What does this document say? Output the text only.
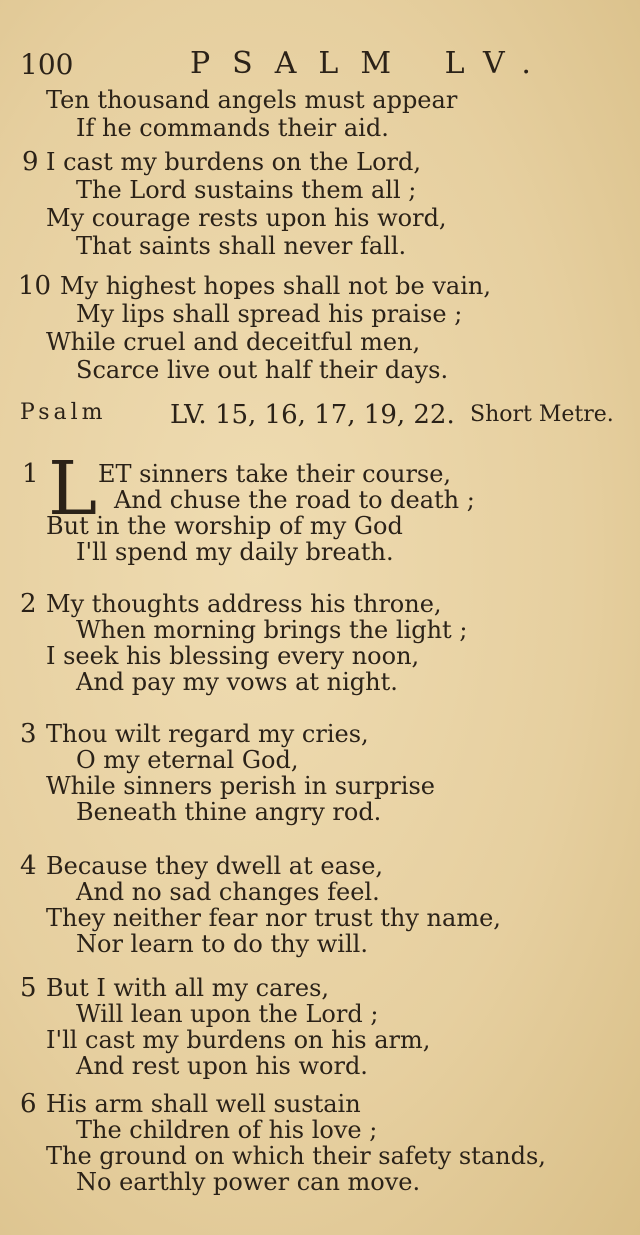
100	PSALM LV.
Ten thousand angels must appear
If he commands their aid.
9 I cast my burdens on the Lord,
The Lord sustains them all ;
My courage rests upon his word,
That saints shall never fall.
10 My highest hopes shall not be vain,
My lips shall spread his praise ;
While cruel and deceitful men,
Scarce live out half their days.
Psalm LV. 15, 16, 17, 19, 22. Short Metre.
1 L ET sinners take their course,
And chuse the road to death ;
But in the worship of my God
I'll spend my daily breath.
2 My thoughts address his throne,
When morning brings the light ;
I seek his blessing every noon,
And pay my vows at night.
3 Thou wilt regard my cries,
O my eternal God,
While sinners perish in surprise
Beneath thine angry rod.
4 Because they dwell at ease,
And no sad changes feel.
They neither fear nor trust thy name,
Nor learn to do thy will.
5 But I with all my cares,
Will lean upon the Lord ;
I'll cast my burdens on his arm,
And rest upon his word.
6 His arm shall well sustain
The children of his love ;
The ground on which their safety stands,
No earthly power can move.
